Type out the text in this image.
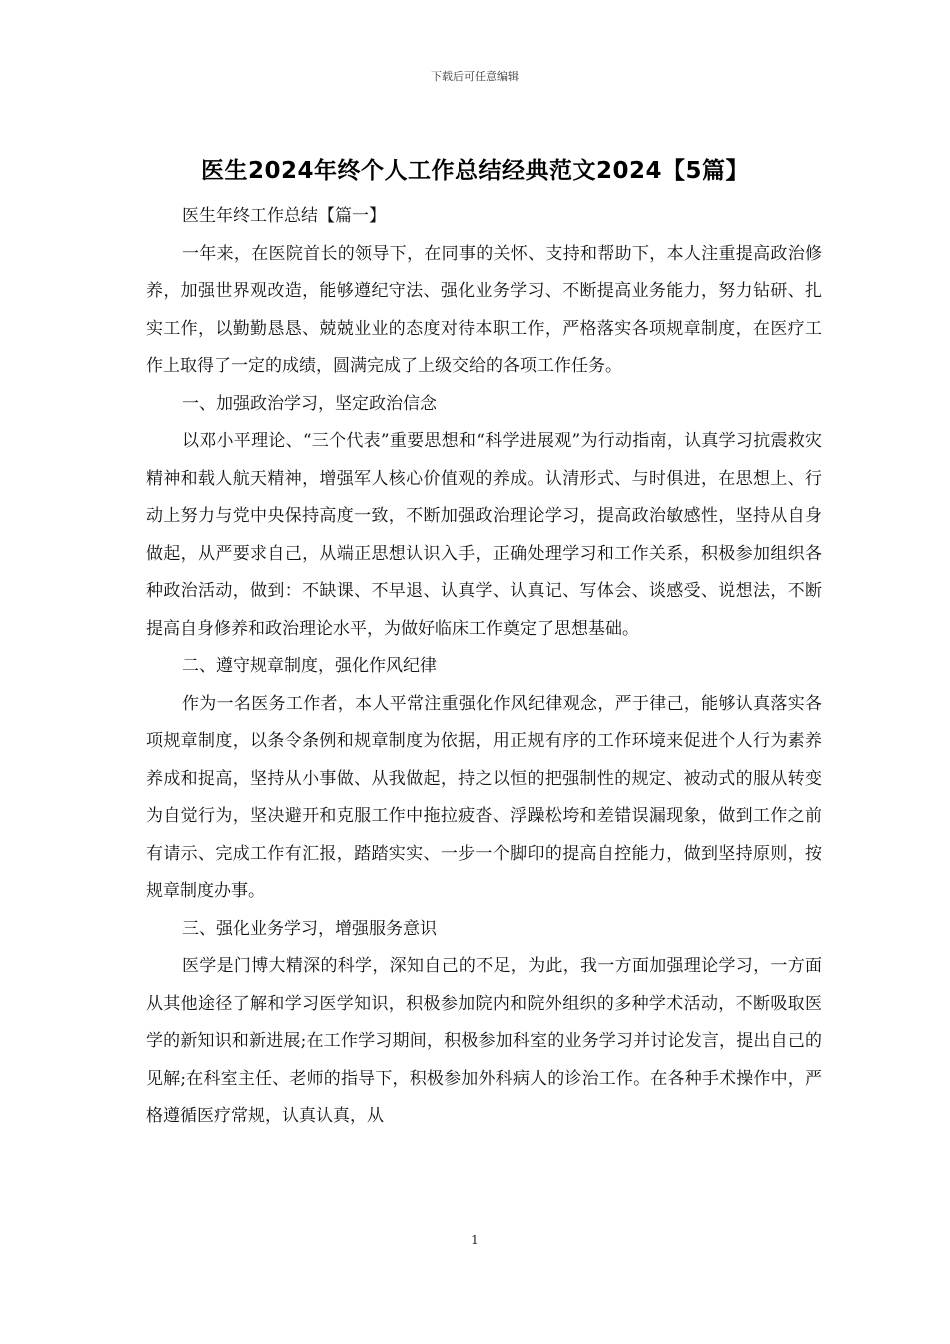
下载后可任意编辑
医生2024年终个人工作总结经典范文2024【5篇】

医生年终工作总结【篇一】

一年来，在医院首长的领导下，在同事的关怀、支持和帮助下，本人注重提高政治修养，加强世界观改造，能够遵纪守法、强化业务学习、不断提高业务能力，努力钻研、扎实工作，以勤勤恳恳、兢兢业业的态度对待本职工作，严格落实各项规章制度，在医疗工作上取得了一定的成绩，圆满完成了上级交给的各项工作任务。

一、加强政治学习，坚定政治信念

以邓小平理论、“三个代表”重要思想和“科学进展观”为行动指南，认真学习抗震救灾精神和载人航天精神，增强军人核心价值观的养成。认清形式、与时俱进，在思想上、行动上努力与党中央保持高度一致，不断加强政治理论学习，提高政治敏感性，坚持从自身做起，从严要求自己，从端正思想认识入手，正确处理学习和工作关系，积极参加组织各种政治活动，做到：不缺课、不早退、认真学、认真记、写体会、谈感受、说想法，不断提高自身修养和政治理论水平，为做好临床工作奠定了思想基础。

二、遵守规章制度，强化作风纪律

作为一名医务工作者，本人平常注重强化作风纪律观念，严于律己，能够认真落实各项规章制度，以条令条例和规章制度为依据，用正规有序的工作环境来促进个人行为素养养成和捉高，坚持从小事做、从我做起，持之以恒的把强制性的规定、被动式的服从转变为自觉行为，坚决避开和克服工作中拖拉疲沓、浮躁松垮和差错误漏现象，做到工作之前有请示、完成工作有汇报，踏踏实实、一步一个脚印的提高自控能力，做到坚持原则，按规章制度办事。

三、强化业务学习，增强服务意识

医学是门博大精深的科学，深知自己的不足，为此，我一方面加强理论学习，一方面从其他途径了解和学习医学知识，积极参加院内和院外组织的多种学术活动，不断吸取医学的新知识和新进展;在工作学习期间，积极参加科室的业务学习并讨论发言，提出自己的见解;在科室主任、老师的指导下，积极参加外科病人的诊治工作。在各种手术操作中，严格遵循医疗常规，认真认真，从

1
